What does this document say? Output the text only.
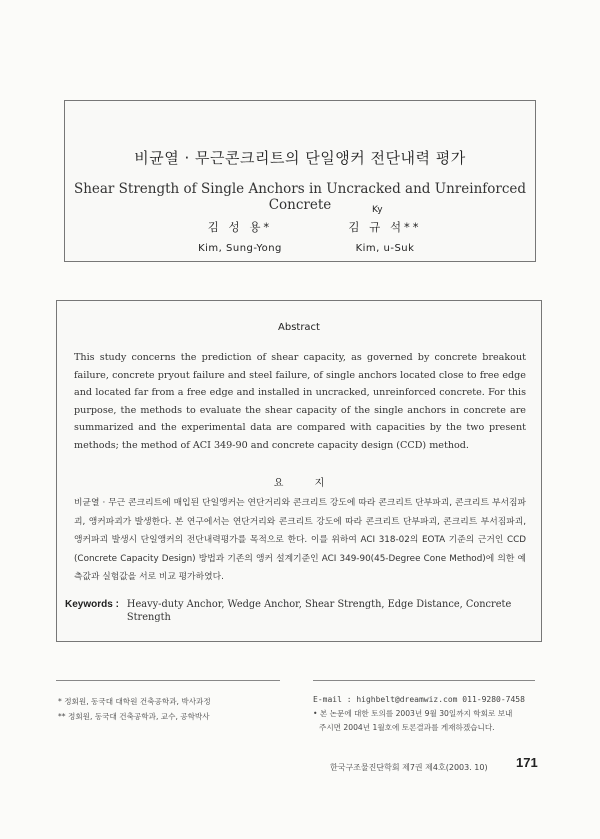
비균열 · 무근콘크리트의 단일앵커 전단내력 평가
Shear Strength of Single Anchors in Uncracked and Unreinforced Concrete
김 성 용*
Kim, Sung-Yong
김 규 석**
Kim, u-Suk
Ky
Abstract
This study concerns the prediction of shear capacity, as governed by concrete breakout failure, concrete pryout failure and steel failure, of single anchors located close to free edge and located far from a free edge and installed in uncracked, unreinforced concrete. For this purpose, the methods to evaluate the shear capacity of the single anchors in concrete are summarized and the experimental data are compared with capacities by the two present methods; the method of ACI 349-90 and concrete capacity design (CCD) method.
요 지
비균열 · 무근 콘크리트에 매입된 단일앵커는 연단거리와 콘크리트 강도에 따라 콘크리트 단부파괴, 콘크리트 부서짐파괴, 앵커파괴가 발생한다. 본 연구에서는 연단거리와 콘크리트 강도에 따라 콘크리트 단부파괴, 콘크리트 부서짐파괴, 앵커파괴 발생시 단일앵커의 전단내력평가를 목적으로 한다. 이를 위하여 ACI 318-02의 EOTA 기준의 근거인 CCD (Concrete Capacity Design) 방법과 기존의 앵커 설계기준인 ACI 349-90(45-Degree Cone Method)에 의한 예측값과 실험값을 서로 비교 평가하였다.
Keywords : Heavy-duty Anchor, Wedge Anchor, Shear Strength, Edge Distance, Concrete Strength
* 정회원, 동국대 대학원 건축공학과, 박사과정
** 정회원, 동국대 건축공학과, 교수, 공학박사
E-mail : highbelt@dreamwiz.com 011-9280-7458
• 본 논문에 대한 토의를 2003년 9월 30일까지 학회로 보내
주시면 2004년 1월호에 토론결과를 게재하겠습니다.
한국구조물진단학회 제7권 제4호(2003. 10) 171
